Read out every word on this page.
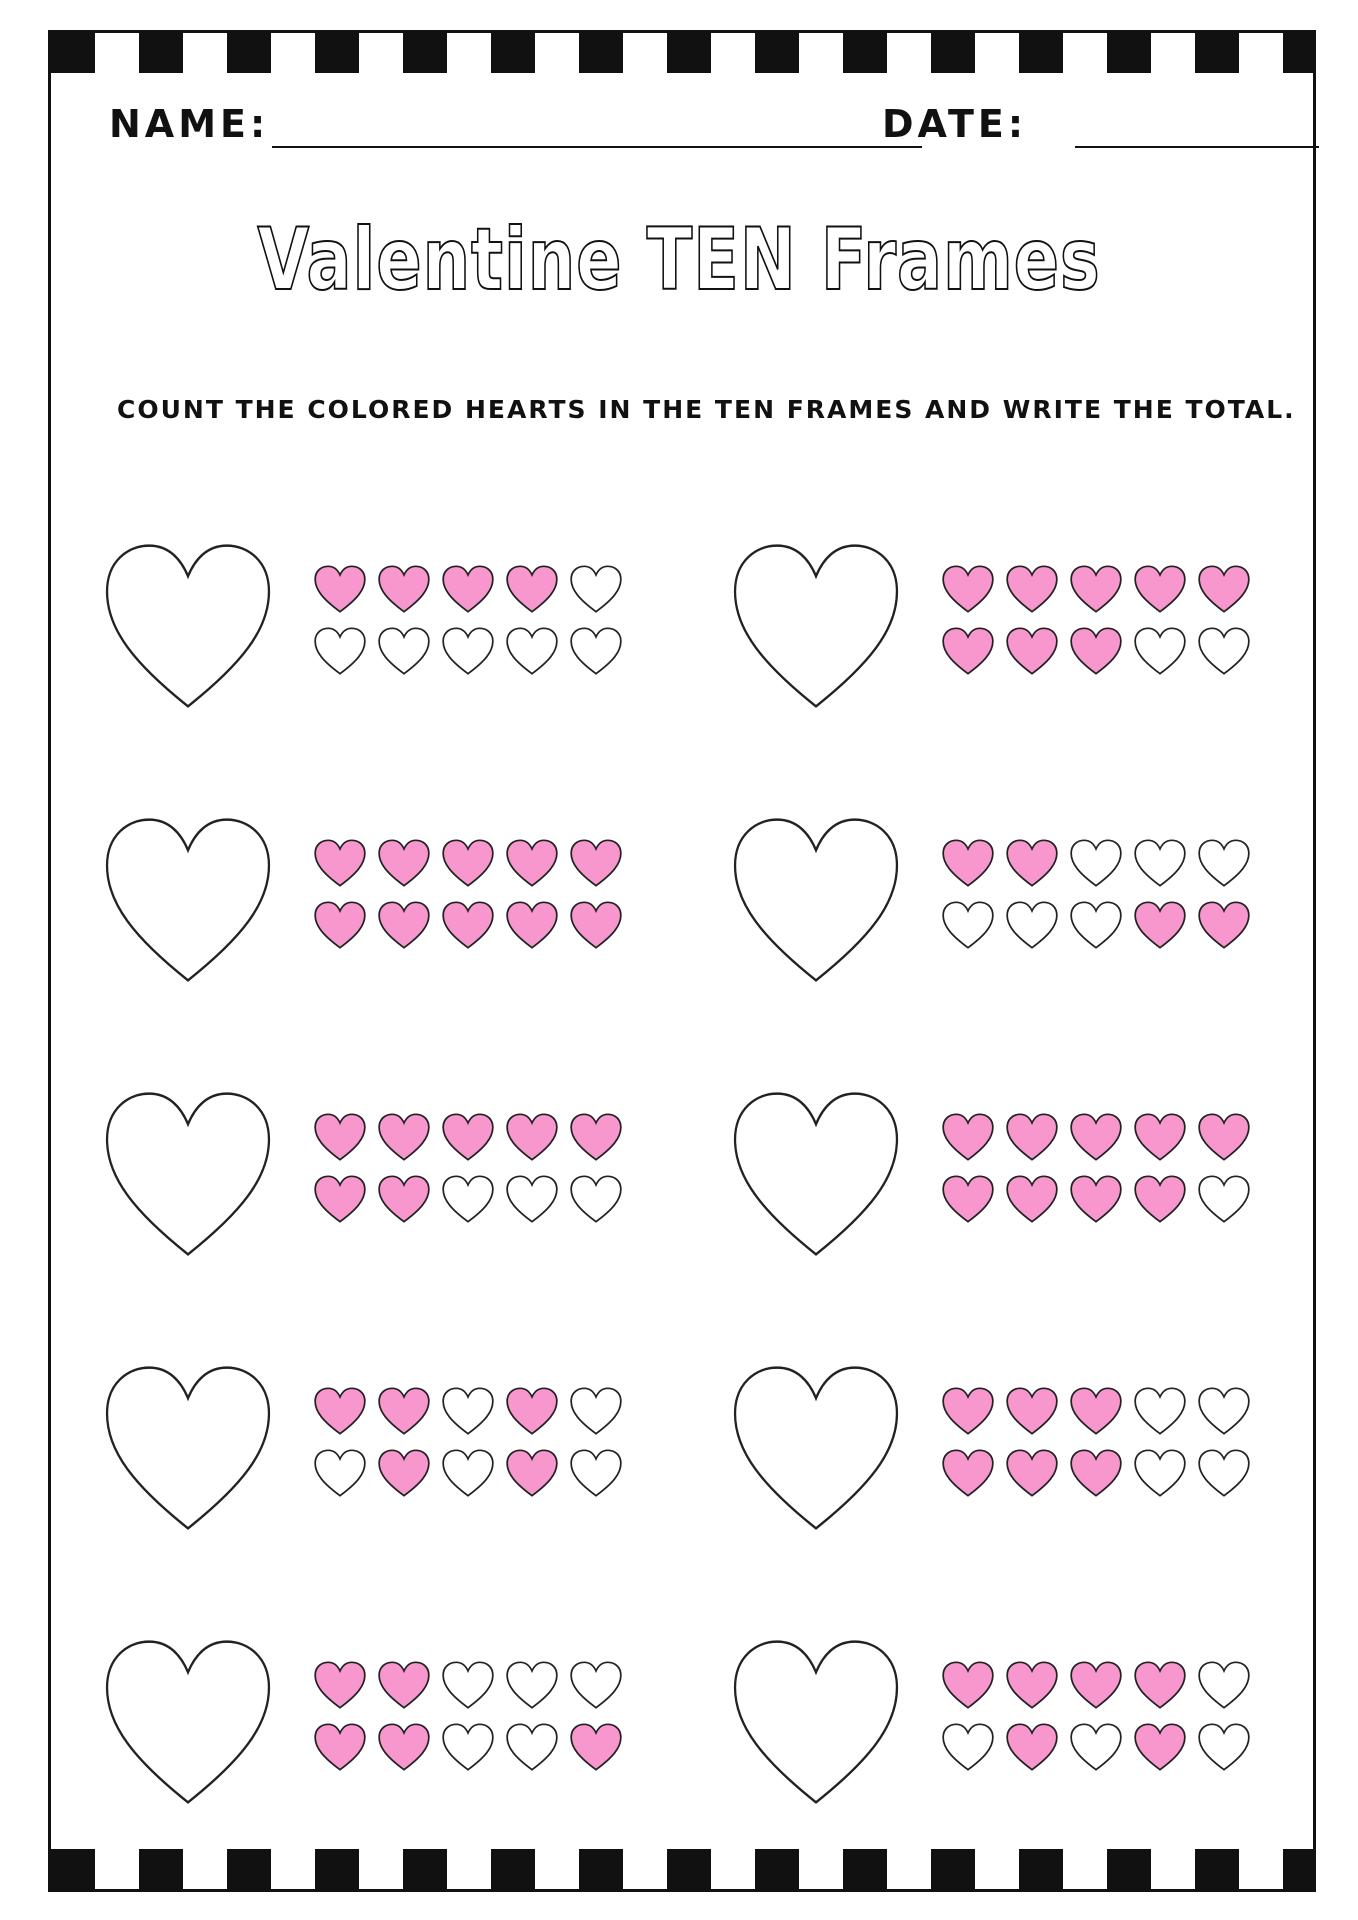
NAME:	DATE:
Valentine TEN Frames
COUNT THE COLORED HEARTS IN THE TEN FRAMES AND WRITE THE TOTAL.
